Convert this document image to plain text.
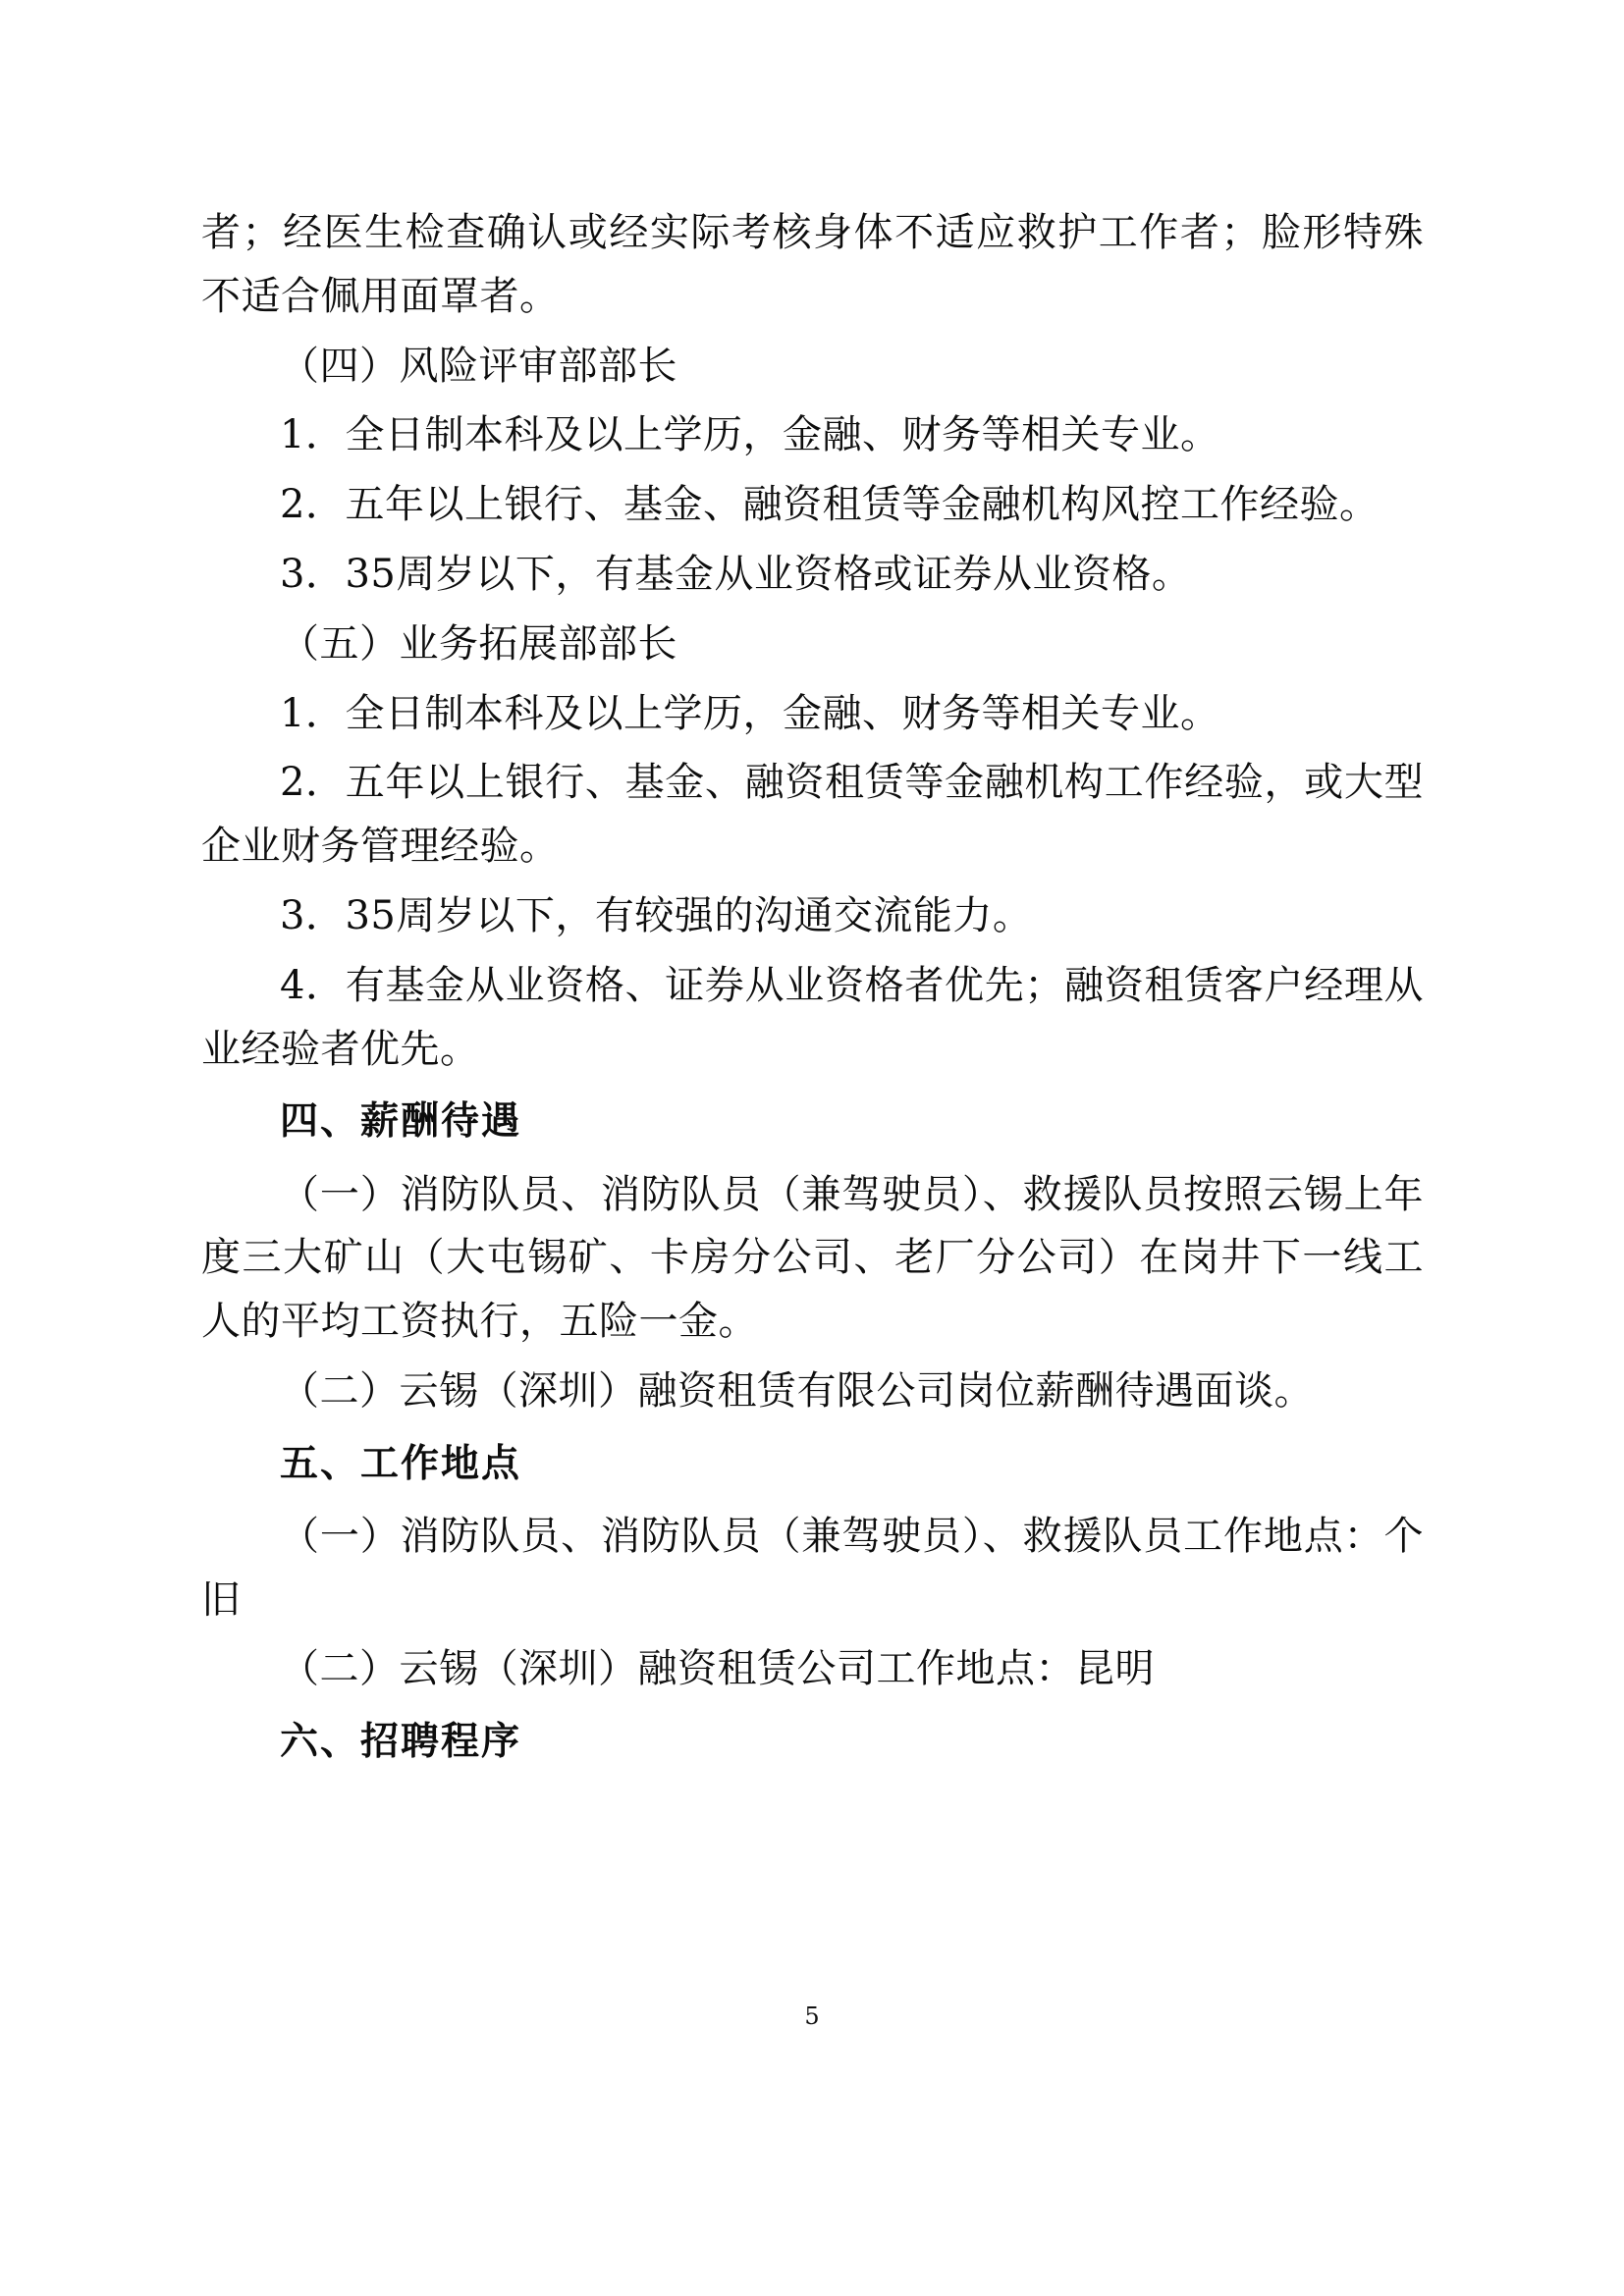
者；经医生检查确认或经实际考核身体不适应救护工作者；脸形特殊不适合佩用面罩者。

（四）风险评审部部长

1．全日制本科及以上学历，金融、财务等相关专业。

2．五年以上银行、基金、融资租赁等金融机构风控工作经验。

3．35周岁以下，有基金从业资格或证券从业资格。

（五）业务拓展部部长

1．全日制本科及以上学历，金融、财务等相关专业。

2．五年以上银行、基金、融资租赁等金融机构工作经验，或大型企业财务管理经验。

3．35周岁以下，有较强的沟通交流能力。

4．有基金从业资格、证券从业资格者优先；融资租赁客户经理从业经验者优先。

四、薪酬待遇

（一）消防队员、消防队员（兼驾驶员）、救援队员按照云锡上年度三大矿山（大屯锡矿、卡房分公司、老厂分公司）在岗井下一线工人的平均工资执行，五险一金。

（二）云锡（深圳）融资租赁有限公司岗位薪酬待遇面谈。

五、工作地点

（一）消防队员、消防队员（兼驾驶员）、救援队员工作地点：个旧

（二）云锡（深圳）融资租赁公司工作地点：昆明

六、招聘程序

5
